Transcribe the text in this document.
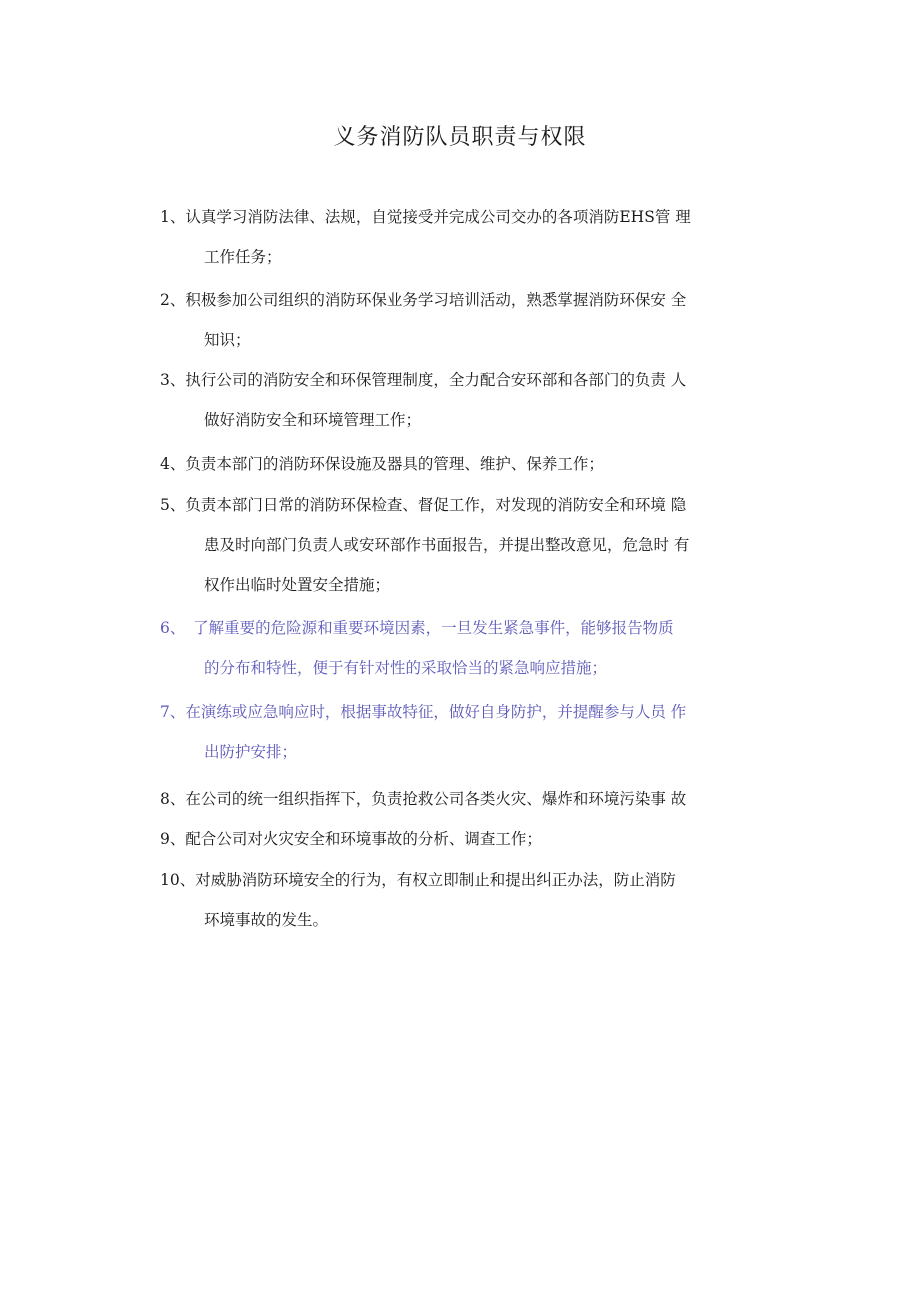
义务消防队员职责与权限
1、认真学习消防法律、法规，自觉接受并完成公司交办的各项消防EHS管 理
工作任务；
2、积极参加公司组织的消防环保业务学习培训活动，熟悉掌握消防环保安 全
知识；
3、执行公司的消防安全和环保管理制度，全力配合安环部和各部门的负责 人
做好消防安全和环境管理工作；
4、负责本部门的消防环保设施及器具的管理、维护、保养工作；
5、负责本部门日常的消防环保检查、督促工作，对发现的消防安全和环境 隐
患及时向部门负责人或安环部作书面报告，并提出整改意见，危急时 有
权作出临时处置安全措施；
6、　了解重要的危险源和重要环境因素，一旦发生紧急事件，能够报告物质
的分布和特性，便于有针对性的采取恰当的紧急响应措施；
7、在演练或应急响应时，根据事故特征，做好自身防护，并提醒参与人员 作
出防护安排；
8、在公司的统一组织指挥下，负责抢救公司各类火灾、爆炸和环境污染事 故
9、配合公司对火灾安全和环境事故的分析、调查工作；
10、对威胁消防环境安全的行为，有权立即制止和提出纠正办法，防止消防
环境事故的发生。
